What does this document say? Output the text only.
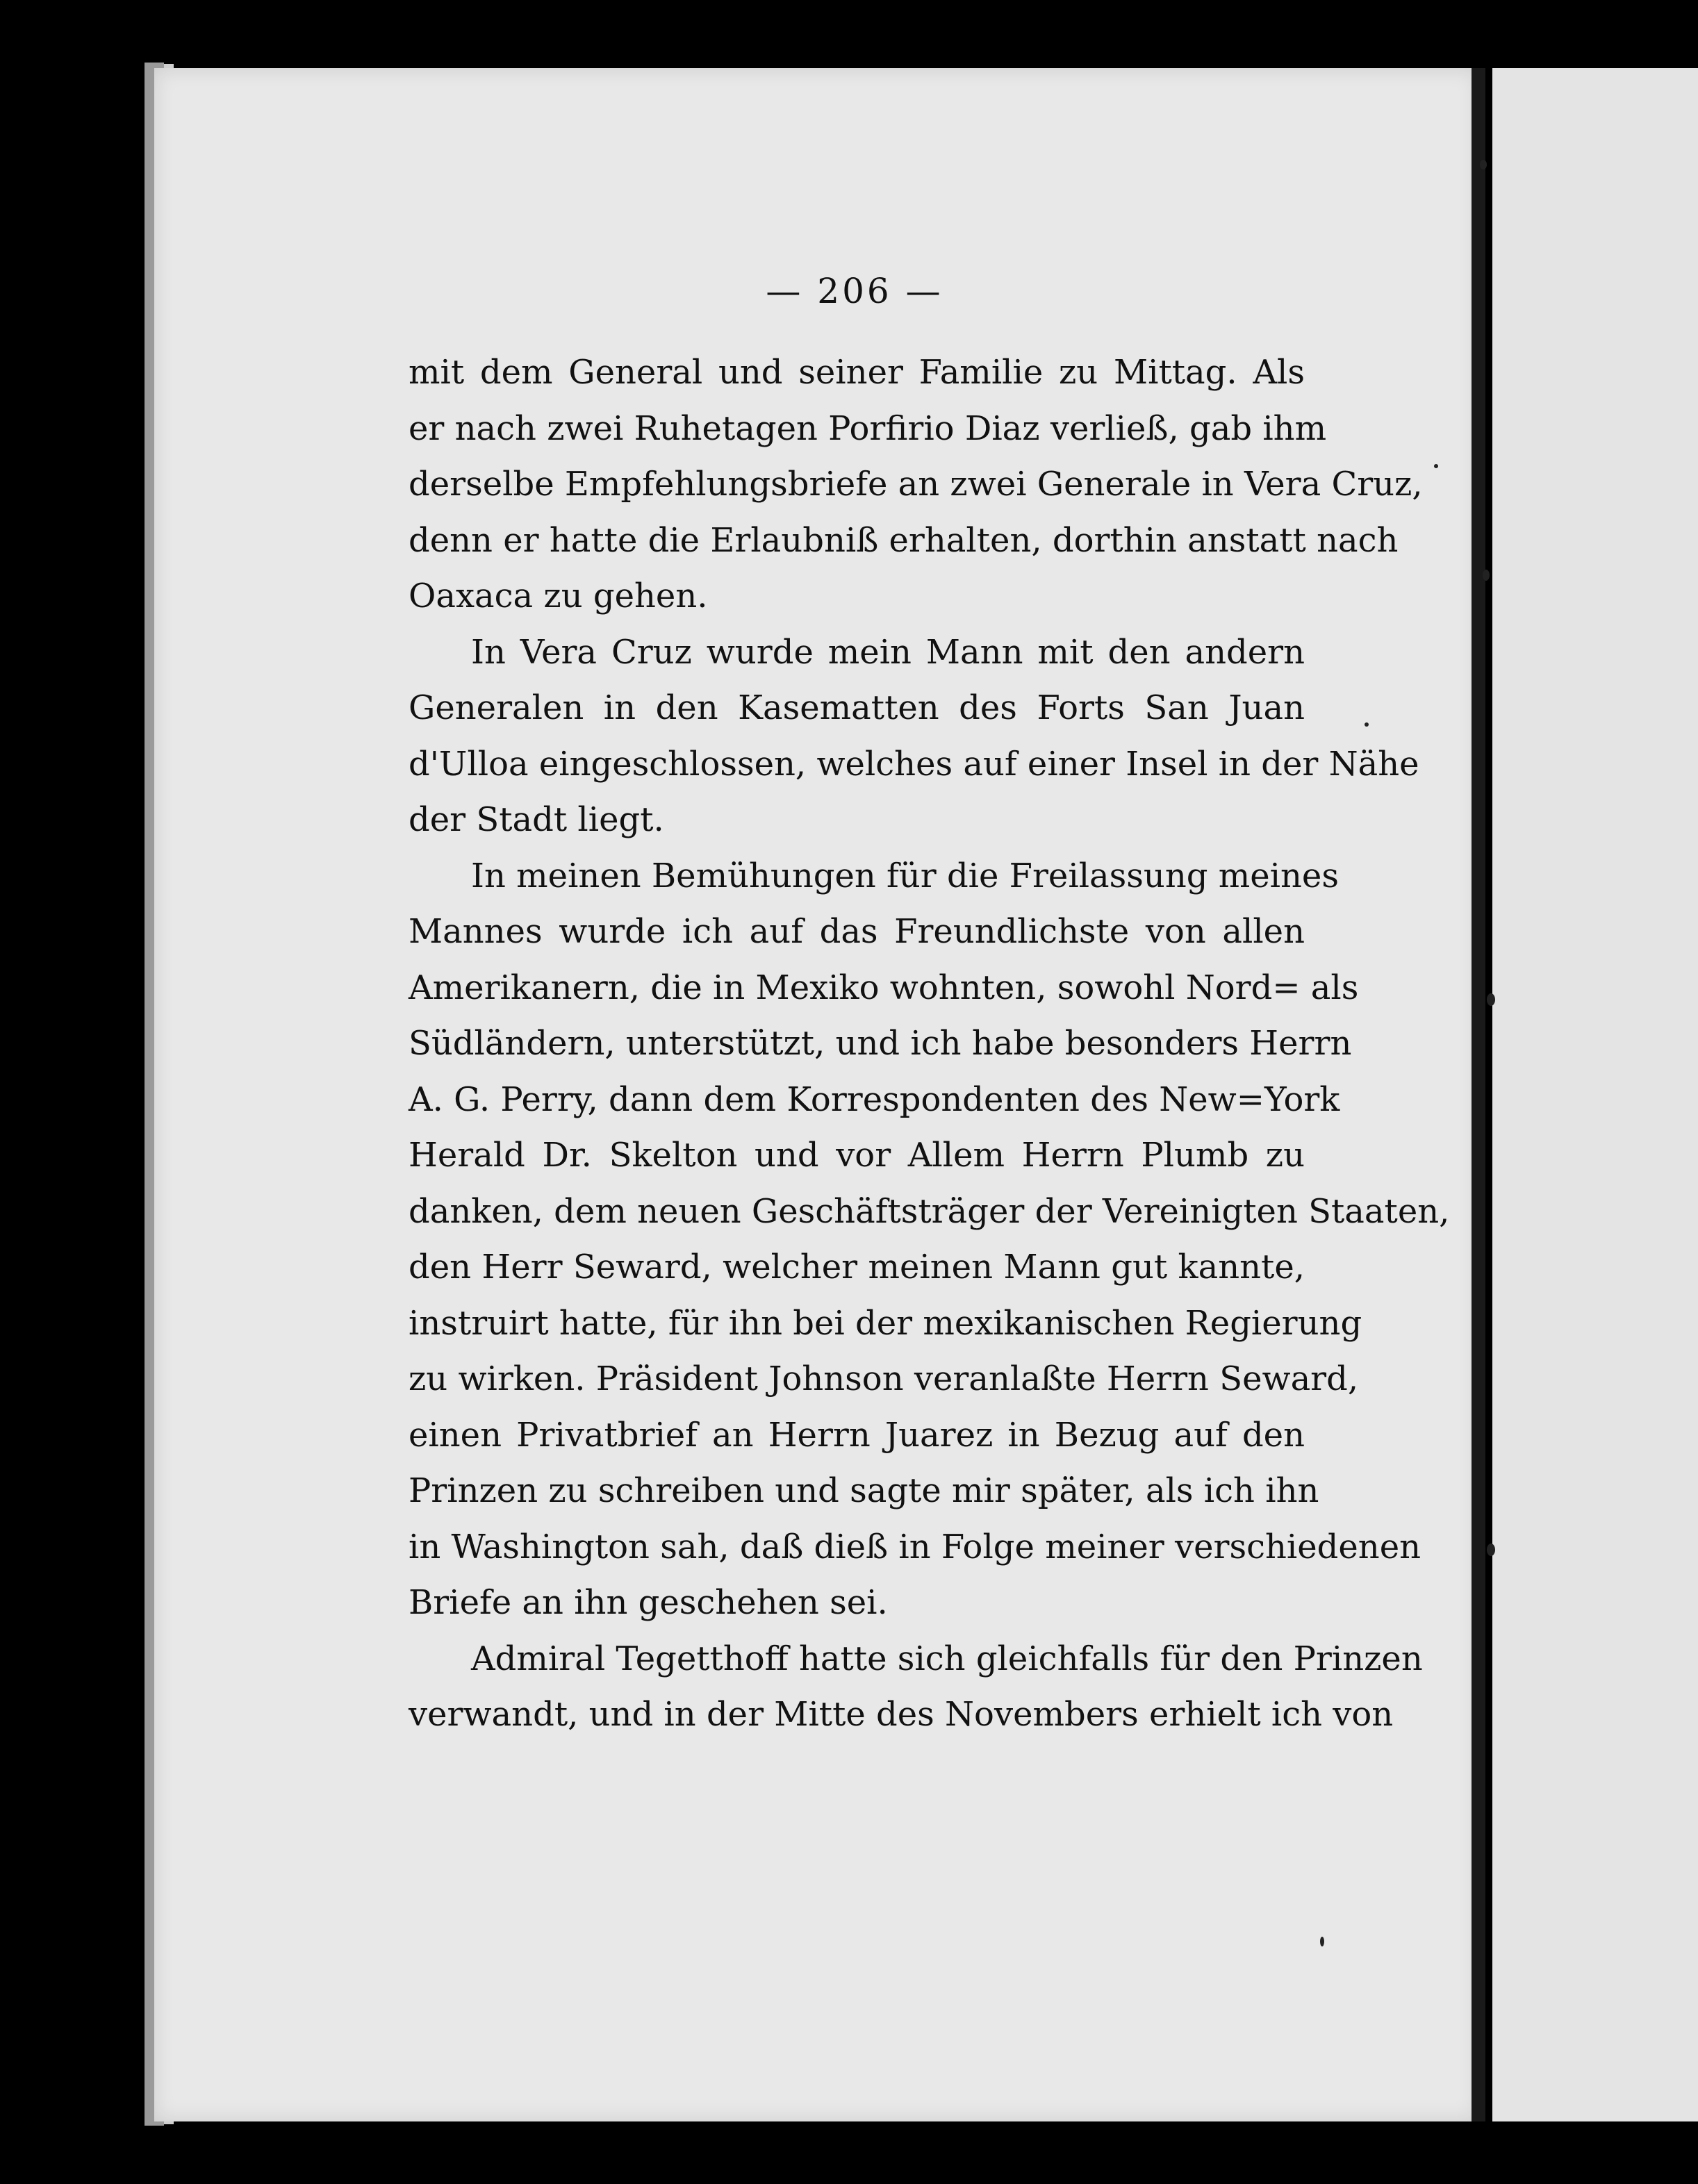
— 206 —
mit dem General und seiner Familie zu Mittag. Als
er nach zwei Ruhetagen Porfirio Diaz verließ, gab ihm
derselbe Empfehlungsbriefe an zwei Generale in Vera Cruz,
denn er hatte die Erlaubniß erhalten, dorthin anstatt nach
Oaxaca zu gehen.
In Vera Cruz wurde mein Mann mit den andern
Generalen in den Kasematten des Forts San Juan
d'Ulloa eingeschlossen, welches auf einer Insel in der Nähe
der Stadt liegt.
In meinen Bemühungen für die Freilassung meines
Mannes wurde ich auf das Freundlichste von allen
Amerikanern, die in Mexiko wohnten, sowohl Nord= als
Südländern, unterstützt, und ich habe besonders Herrn
A. G. Perry, dann dem Korrespondenten des New=York
Herald Dr. Skelton und vor Allem Herrn Plumb zu
danken, dem neuen Geschäftsträger der Vereinigten Staaten,
den Herr Seward, welcher meinen Mann gut kannte,
instruirt hatte, für ihn bei der mexikanischen Regierung
zu wirken. Präsident Johnson veranlaßte Herrn Seward,
einen Privatbrief an Herrn Juarez in Bezug auf den
Prinzen zu schreiben und sagte mir später, als ich ihn
in Washington sah, daß dieß in Folge meiner verschiedenen
Briefe an ihn geschehen sei.
Admiral Tegetthoff hatte sich gleichfalls für den Prinzen
verwandt, und in der Mitte des Novembers erhielt ich von
